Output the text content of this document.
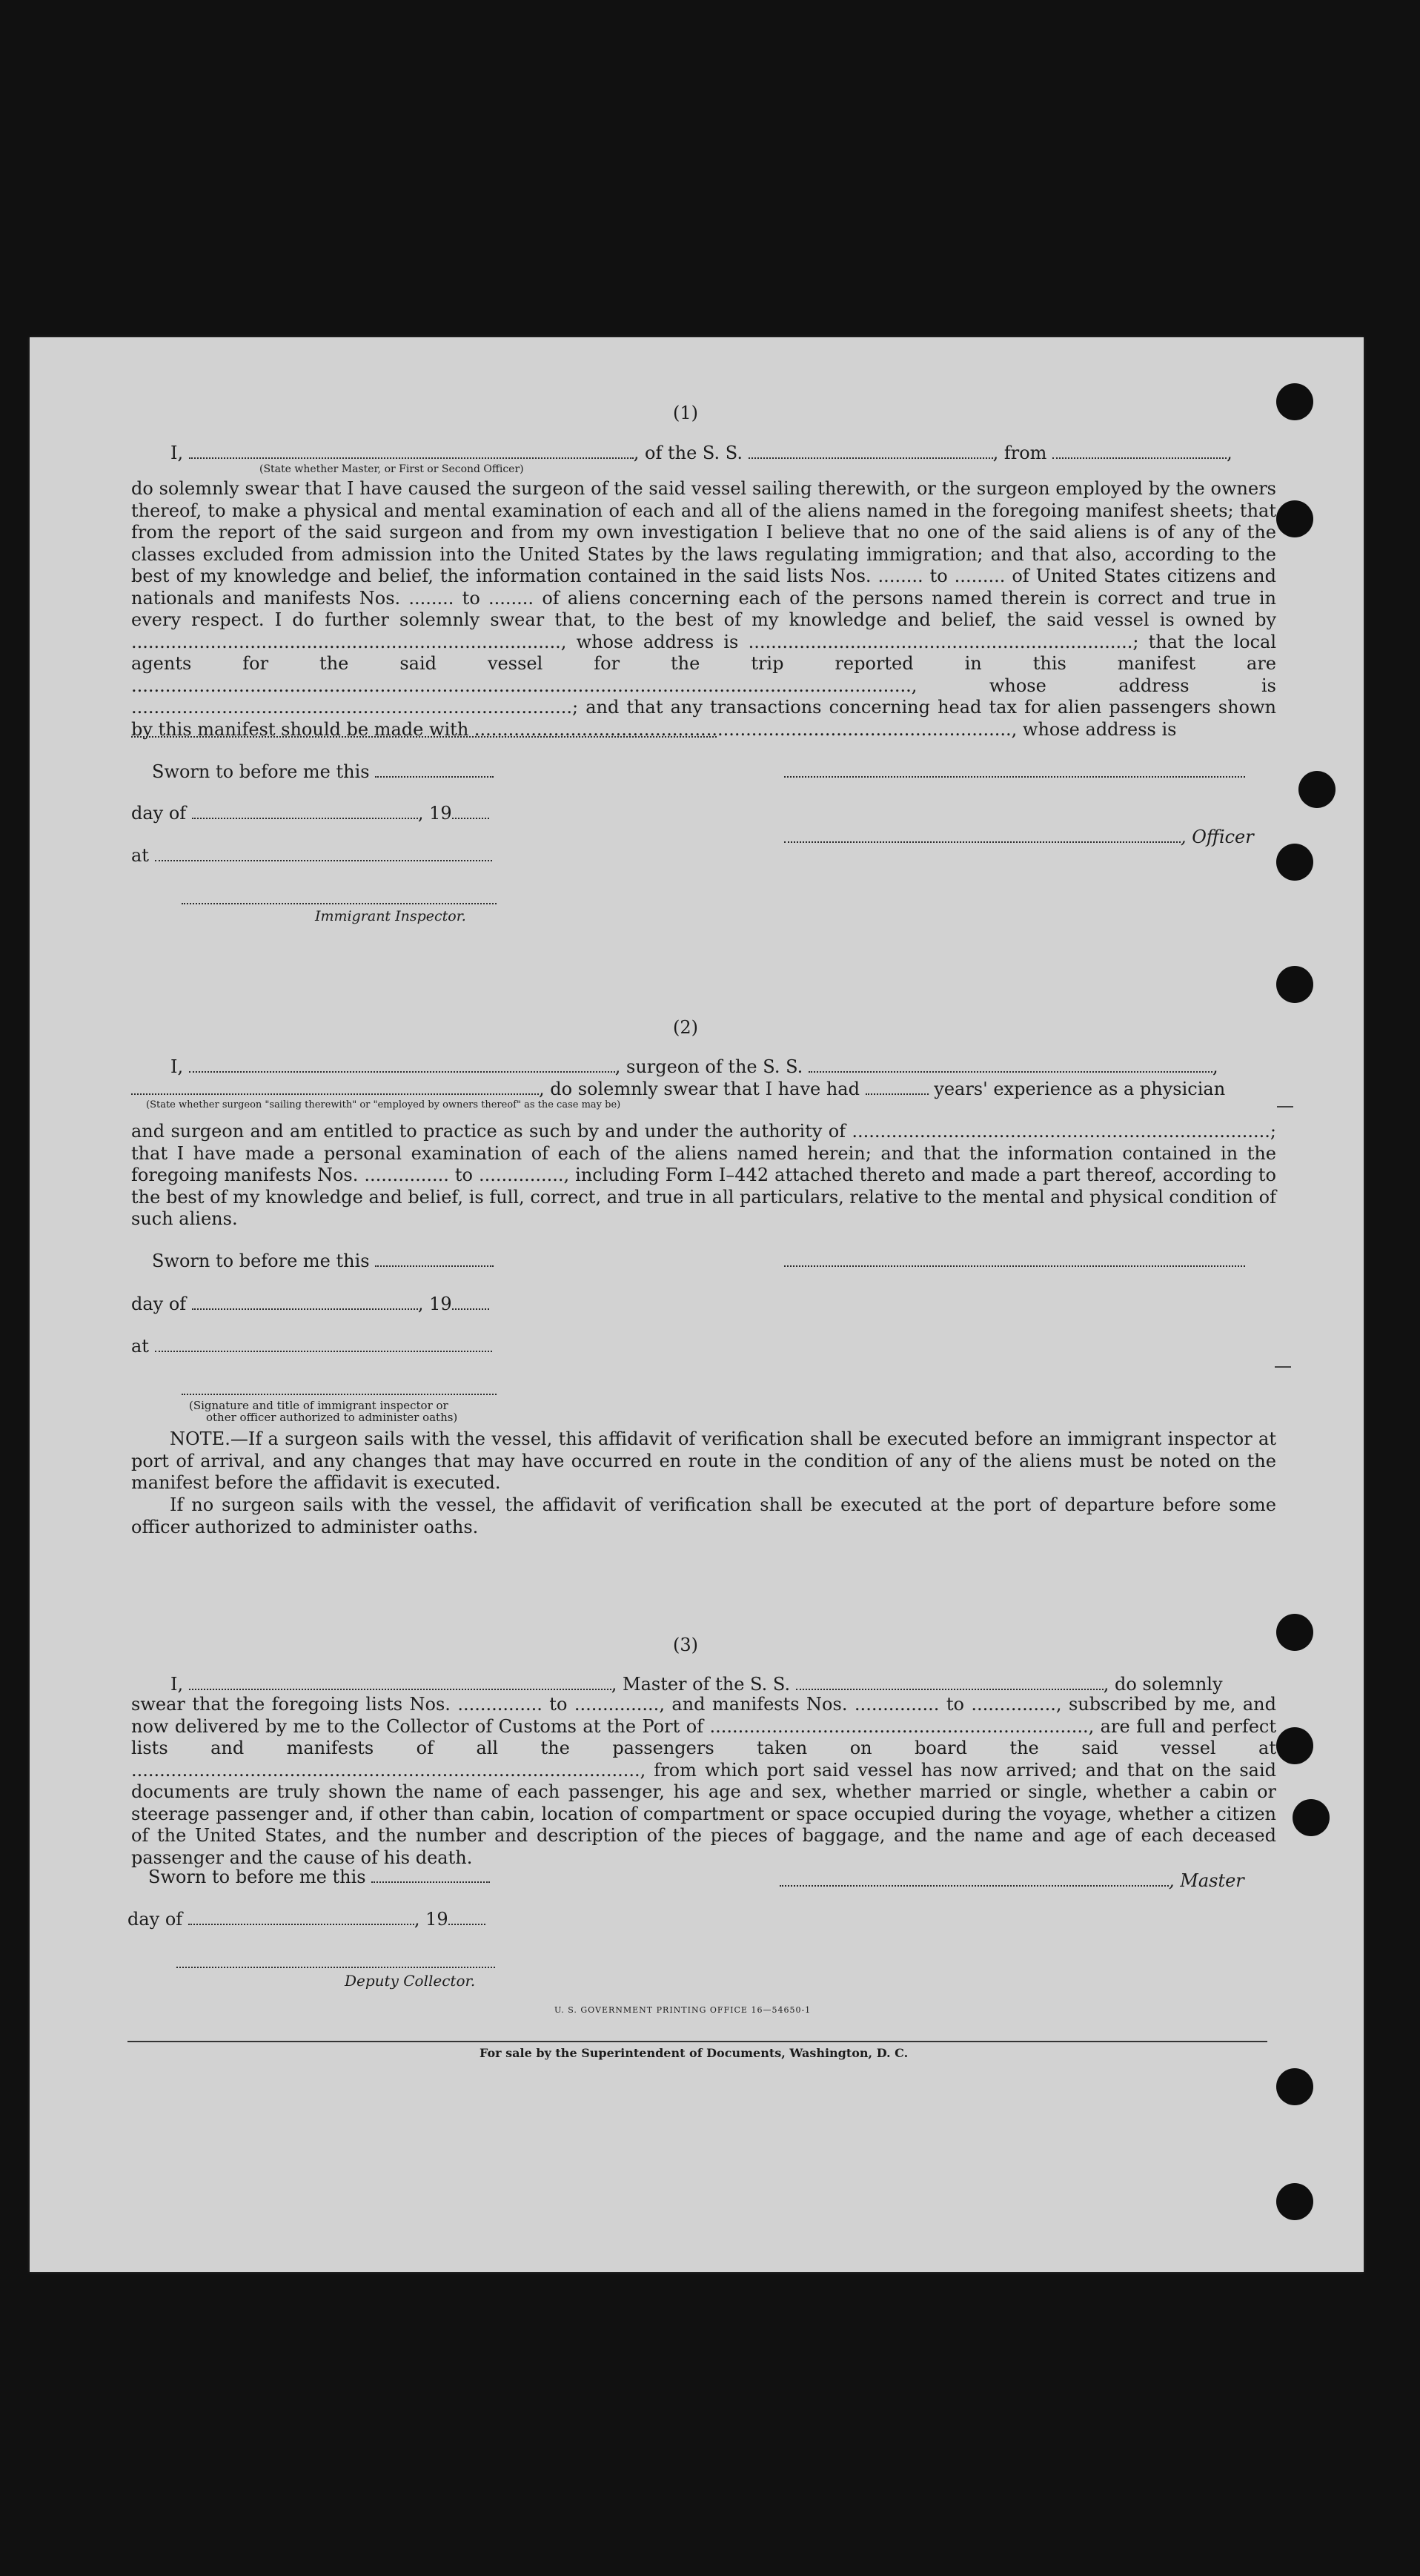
(1)
I,	, of the S. S.	, from	,
(State whether Master, or First or Second Officer)
do solemnly swear that I have caused the surgeon of the said vessel sailing therewith, or the surgeon employed by the owners thereof, to make a physical and mental examination of each and all of the aliens named in the foregoing manifest sheets; that from the report of the said surgeon and from my own investigation I believe that no one of the said aliens is of any of the classes excluded from admission into the United States by the laws regulating immigration; and that also, according to the best of my knowledge and belief, the information contained in the said lists Nos. ........ to ......... of United States citizens and nationals and manifests Nos. ........ to ........ of aliens concerning each of the persons named therein is correct and true in every respect. I do further solemnly swear that, to the best of my knowledge and belief, the said vessel is owned by ............................................................................, whose address is ....................................................................; that the local agents for the said vessel for the trip reported in this manifest are .........................................................................................................................................., whose address is ..............................................................................; and that any transactions concerning head tax for alien passengers shown by this manifest should be made with ..............................................................................................., whose address is
Sworn to before me this
day of	, 19
, Officer
at
Immigrant Inspector.
(2)
I,	, surgeon of the S. S.	,
, do solemnly swear that I have had	years' experience as a physician
(State whether surgeon "sailing therewith" or "employed by owners thereof" as the case may be)
and surgeon and am entitled to practice as such by and under the authority of ..........................................................................; that I have made a personal examination of each of the aliens named herein; and that the information contained in the foregoing manifests Nos. ............... to ..............., including Form I–442 attached thereto and made a part thereof, according to the best of my knowledge and belief, is full, correct, and true in all particulars, relative to the mental and physical condition of such aliens.
Sworn to before me this
day of	, 19
at
(Signature and title of immigrant inspector or
other officer authorized to administer oaths)
NOTE.—If a surgeon sails with the vessel, this affidavit of verification shall be executed before an immigrant inspector at port of arrival, and any changes that may have occurred en route in the condition of any of the aliens must be noted on the manifest before the affidavit is executed.
If no surgeon sails with the vessel, the affidavit of verification shall be executed at the port of departure before some officer authorized to administer oaths.
(3)
I,	, Master of the S. S.	, do solemnly
swear that the foregoing lists Nos. ............... to ..............., and manifests Nos. ............... to ..............., subscribed by me, and now delivered by me to the Collector of Customs at the Port of ..................................................................., are full and perfect lists and manifests of all the passengers taken on board the said vessel at .........................................................................................., from which port said vessel has now arrived; and that on the said documents are truly shown the name of each passenger, his age and sex, whether married or single, whether a cabin or steerage passenger and, if other than cabin, location of compartment or space occupied during the voyage, whether a citizen of the United States, and the number and description of the pieces of baggage, and the name and age of each deceased passenger and the cause of his death.
Sworn to before me this	, Master
day of	, 19
Deputy Collector.
U. S. GOVERNMENT PRINTING OFFICE 16—54650-1
For sale by the Superintendent of Documents, Washington, D. C.
